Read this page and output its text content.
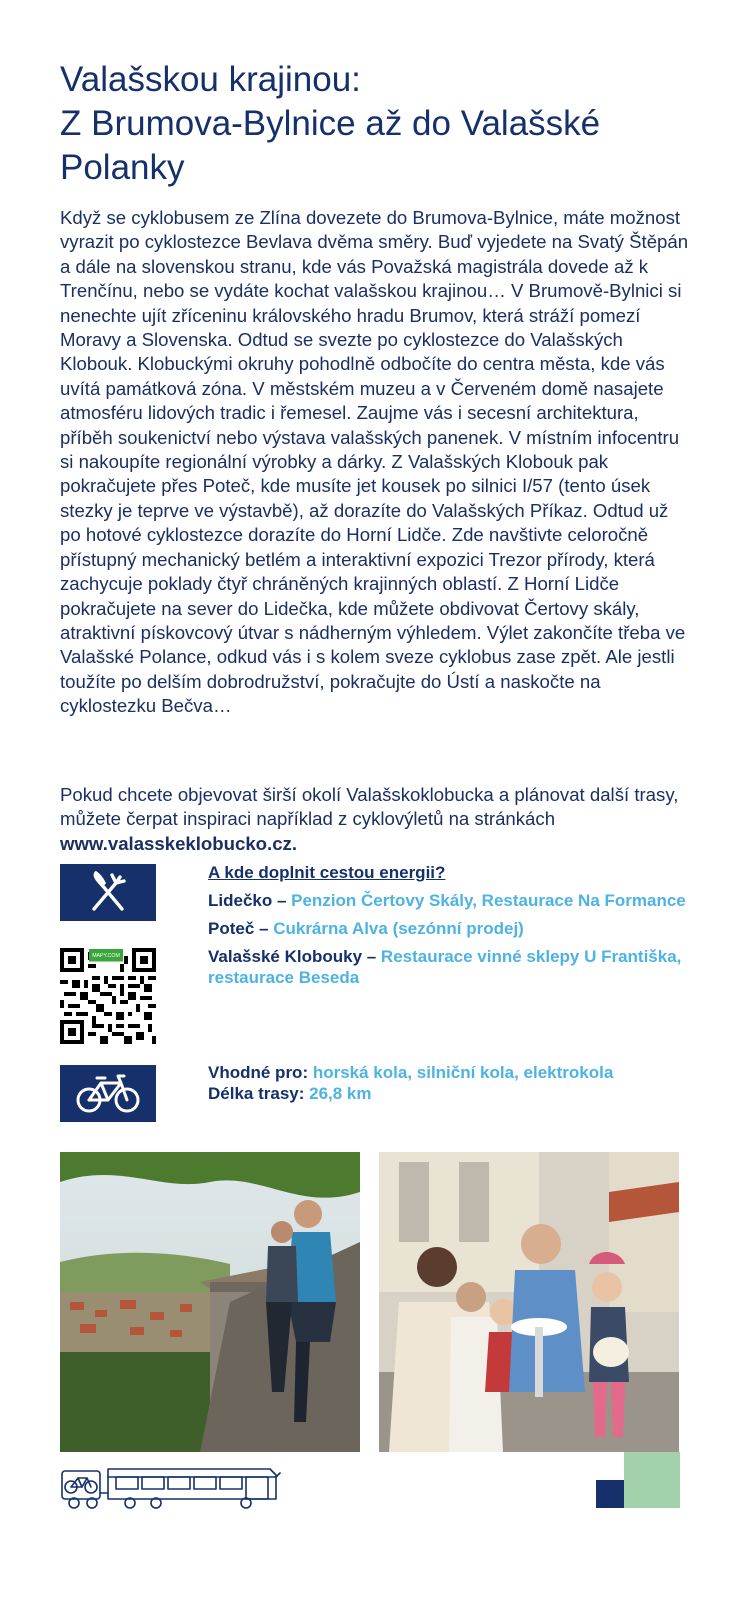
Valašskou krajinou:
Z Brumova-Bylnice až do Valašské
Polanky

Když se cyklobusem ze Zlína dovezete do Brumova-Bylnice, máte možnost vyrazit po cyklostezce Bevlava dvěma směry. Buď vyjedete na Svatý Štěpán a dále na slovenskou stranu, kde vás Považská magistrála dovede až k Trenčínu, nebo se vydáte kochat valašskou krajinou… V Brumově-Bylnici si nenechte ujít zříceninu královského hradu Brumov, která stráží pomezí Moravy a Slovenska. Odtud se svezte po cyklostezce do Valašských Klobouk. Klobuckými okruhy pohodlně odbočíte do centra města, kde vás uvítá památková zóna. V městském muzeu a v Červeném domě nasajete atmosféru lidových tradic i řemesel. Zaujme vás i secesní architektura, příběh soukenictví nebo výstava valašských panenek. V místním infocentru si nakoupíte regionální výrobky a dárky. Z Valašských Klobouk pak pokračujete přes Poteč, kde musíte jet kousek po silnici I/57 (tento úsek stezky je teprve ve výstavbě), až dorazíte do Valašských Příkaz. Odtud už po hotové cyklostezce dorazíte do Horní Lidče. Zde navštivte celoročně přístupný mechanický betlém a interaktivní expozici Trezor přírody, která zachycuje poklady čtyř chráněných krajinných oblastí. Z Horní Lidče pokračujete na sever do Lidečka, kde můžete obdivovat Čertovy skály, atraktivní pískovcový útvar s nádherným výhledem. Výlet zakončíte třeba ve Valašské Polance, odkud vás i s kolem sveze cyklobus zase zpět. Ale jestli toužíte po delším dobrodružství, pokračujte do Ústí a naskočte na cyklostezku Bečva…

Pokud chcete objevovat širší okolí Valašskoklobucka a plánovat další trasy, můžete čerpat inspiraci například z cyklovýletů na stránkách www.valasskeklobucko.cz.

MAPY.COM
A kde doplnit cestou energii?
Lidečko – Penzion Čertovy Skály, Restaurace Na Formance
Poteč – Cukrárna Alva (sezónní prodej)
Valašské Klobouky – Restaurace vinné sklepy U Františka, restaurace Beseda
Vhodné pro: horská kola, silniční kola, elektrokola
Délka trasy: 26,8 km
